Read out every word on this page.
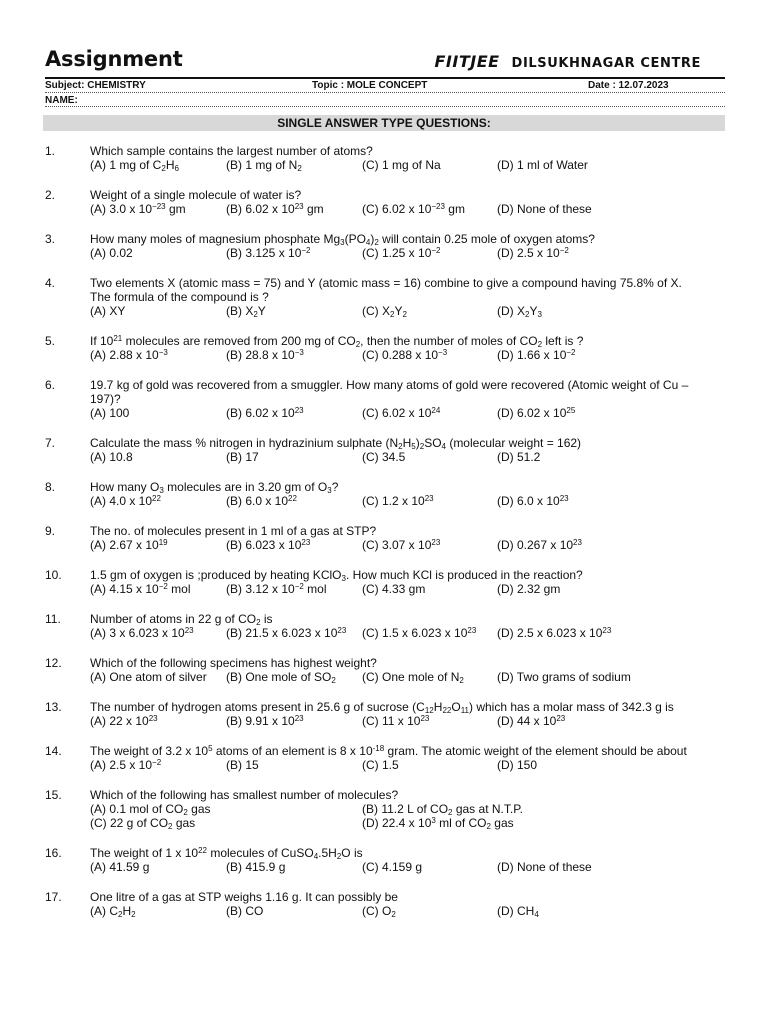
Assignment	FIITJEE DILSUKHNAGAR CENTRE
Subject: CHEMISTRY	Topic : MOLE CONCEPT	Date : 12.07.2023
NAME:
SINGLE ANSWER TYPE QUESTIONS:
1.	Which sample contains the largest number of atoms?
(A) 1 mg of $C_2H_6$	(B) 1 mg of $N_2$	(C) 1 mg of Na	(D) 1 ml of Water
2.	Weight of a single molecule of water is?
(A) 3.0 x $10^{-23}$ gm	(B) 6.02 x $10^{23}$ gm	(C) 6.02 x $10^{-23}$ gm	(D) None of these
3.	How many moles of magnesium phosphate $Mg_3(PO_4)_2$ will contain 0.25 mole of oxygen atoms?
(A) 0.02	(B) 3.125 x $10^{-2}$	(C) 1.25 x $10^{-2}$	(D) 2.5 x $10^{-2}$
4.	Two elements X (atomic mass = 75) and Y (atomic mass = 16) combine to give a compound having 75.8% of X.
The formula of the compound is ?
(A) XY	(B) $X_2Y$	(C) $X_2Y_2$	(D) $X_2Y_3$
5.	If $10^{21}$ molecules are removed from 200 mg of $CO_2$, then the number of moles of $CO_2$ left is ?
(A) 2.88 x $10^{-3}$	(B) 28.8 x $10^{-3}$	(C) 0.288 x $10^{-3}$	(D) 1.66 x $10^{-2}$
6.	19.7 kg of gold was recovered from a smuggler. How many atoms of gold were recovered (Atomic weight of Cu – 197)?
(A) 100	(B) 6.02 x $10^{23}$	(C) 6.02 x $10^{24}$	(D) 6.02 x $10^{25}$
7.	Calculate the mass % nitrogen in hydrazinium sulphate $(N_2H_5)_2SO_4$ (molecular weight = 162)
(A) 10.8	(B) 17	(C) 34.5	(D) 51.2
8.	How many $O_3$ molecules are in 3.20 gm of $O_3$?
(A) 4.0 x $10^{22}$	(B) 6.0 x $10^{22}$	(C) 1.2 x $10^{23}$	(D) 6.0 x $10^{23}$
9.	The no. of molecules present in 1 ml of a gas at STP?
(A) 2.67 x $10^{19}$	(B) 6.023 x $10^{23}$	(C) 3.07 x $10^{23}$	(D) 0.267 x $10^{23}$
10. 1.5 gm of oxygen is ;produced by heating KClO$_3$. How much KCl is produced in the reaction?
(A) 4.15 x $10^{-2}$ mol	(B) 3.12 x $10^{-2}$ mol	(C) 4.33 gm	(D) 2.32 gm
11. Number of atoms in 22 g of $CO_2$ is
(A) 3 x 6.023 x $10^{23}$	(B) 21.5 x 6.023 x $10^{23}$ (C) 1.5 x 6.023 x $10^{23}$ (D) 2.5 x 6.023 x $10^{23}$
12. Which of the following specimens has highest weight?
(A) One atom of silver (B) One mole of $SO_2$ (C) One mole of $N_2$	(D) Two grams of sodium
13. The number of hydrogen atoms present in 25.6 g of sucrose $(C_{12}H_{22}O_{11})$ which has a molar mass of 342.3 g is
(A) 22 x $10^{23}$	(B) 9.91 x $10^{23}$	(C) 11 x $10^{23}$	(D) 44 x $10^{23}$
14. The weight of 3.2 x $10^5$ atoms of an element is 8 x $10^{-18}$ gram. The atomic weight of the element should be about
(A) 2.5 x $10^{-2}$	(B) 15	(C) 1.5	(D) 150
15. Which of the following has smallest number of molecules?
(A) 0.1 mol of $CO_2$ gas	(B) 11.2 L of $CO_2$ gas at N.T.P.
(C) 22 g of $CO_2$ gas	(D) 22.4 x $10^3$ ml of $CO_2$ gas
16. The weight of 1 x $10^{22}$ molecules of $CuSO_4.5H_2O$ is
(A) 41.59 g	(B) 415.9 g	(C) 4.159 g	(D) None of these
17. One litre of a gas at STP weighs 1.16 g. It can possibly be
(A) $C_2H_2$	(B) CO	(C) $O_2$	(D) $CH_4$
